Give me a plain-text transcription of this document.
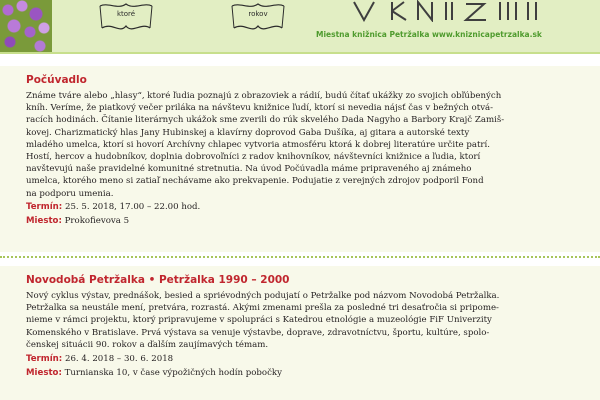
ktoré	rokov
Miestna knižnica Petržalka www.kniznicapetrzalka.sk
Počúvadlo
Známe tváre alebo „hlasy“, ktoré ľudia poznajú z obrazoviek a rádií, budú čítať ukážky zo svojich obľúbených
kníh. Veríme, že piatkový večer priláka na návštevu knižnice ľudí, ktorí si nevedia nájsť čas v bežných otvá-
racích hodinách. Čítanie literárnych ukážok sme zverili do rúk skvelého Dada Nagyho a Barbory Krajč Zamiš-
kovej. Charizmatický hlas Jany Hubinskej a klavírny doprovod Gaba Dušíka, aj gitara a autorské texty
mladého umelca, ktorí si hovorí Archívny chlapec vytvoria atmosféru ktorá k dobrej literatúre určite patrí.
Hostí, hercov a hudobníkov, doplnia dobrovoľníci z radov knihovníkov, návštevníci knižnice a ľudia, ktorí
navštevujú naše pravidelné komunitné stretnutia. Na úvod Počúvadla máme pripraveného aj známeho
umelca, ktorého meno si zatiaľ nechávame ako prekvapenie. Podujatie z verejných zdrojov podporil Fond
na podporu umenia.
Termín: 25. 5. 2018, 17.00 – 22.00 hod.
Miesto: Prokofievova 5
Novodobá Petržalka • Petržalka 1990 – 2000
Nový cyklus výstav, prednášok, besied a spriévodných podujatí o Petržalke pod názvom Novodobá Petržalka.
Petržalka sa neustále mení, pretvára, rozrastá. Akými zmenami prešla za posledné tri desaťročia si pripome-
nieme v rámci projektu, ktorý pripravujeme v spolupráci s Katedrou etnológie a muzeológie FiF Univerzity
Komenského v Bratislave. Prvá výstava sa venuje výstavbe, doprave, zdravotníctvu, športu, kultúre, spolo-
čenskej situácii 90. rokov a ďalším zaujímavých témam.
Termín: 26. 4. 2018 – 30. 6. 2018
Miesto: Turnianska 10, v čase výpožičných hodín pobočky
